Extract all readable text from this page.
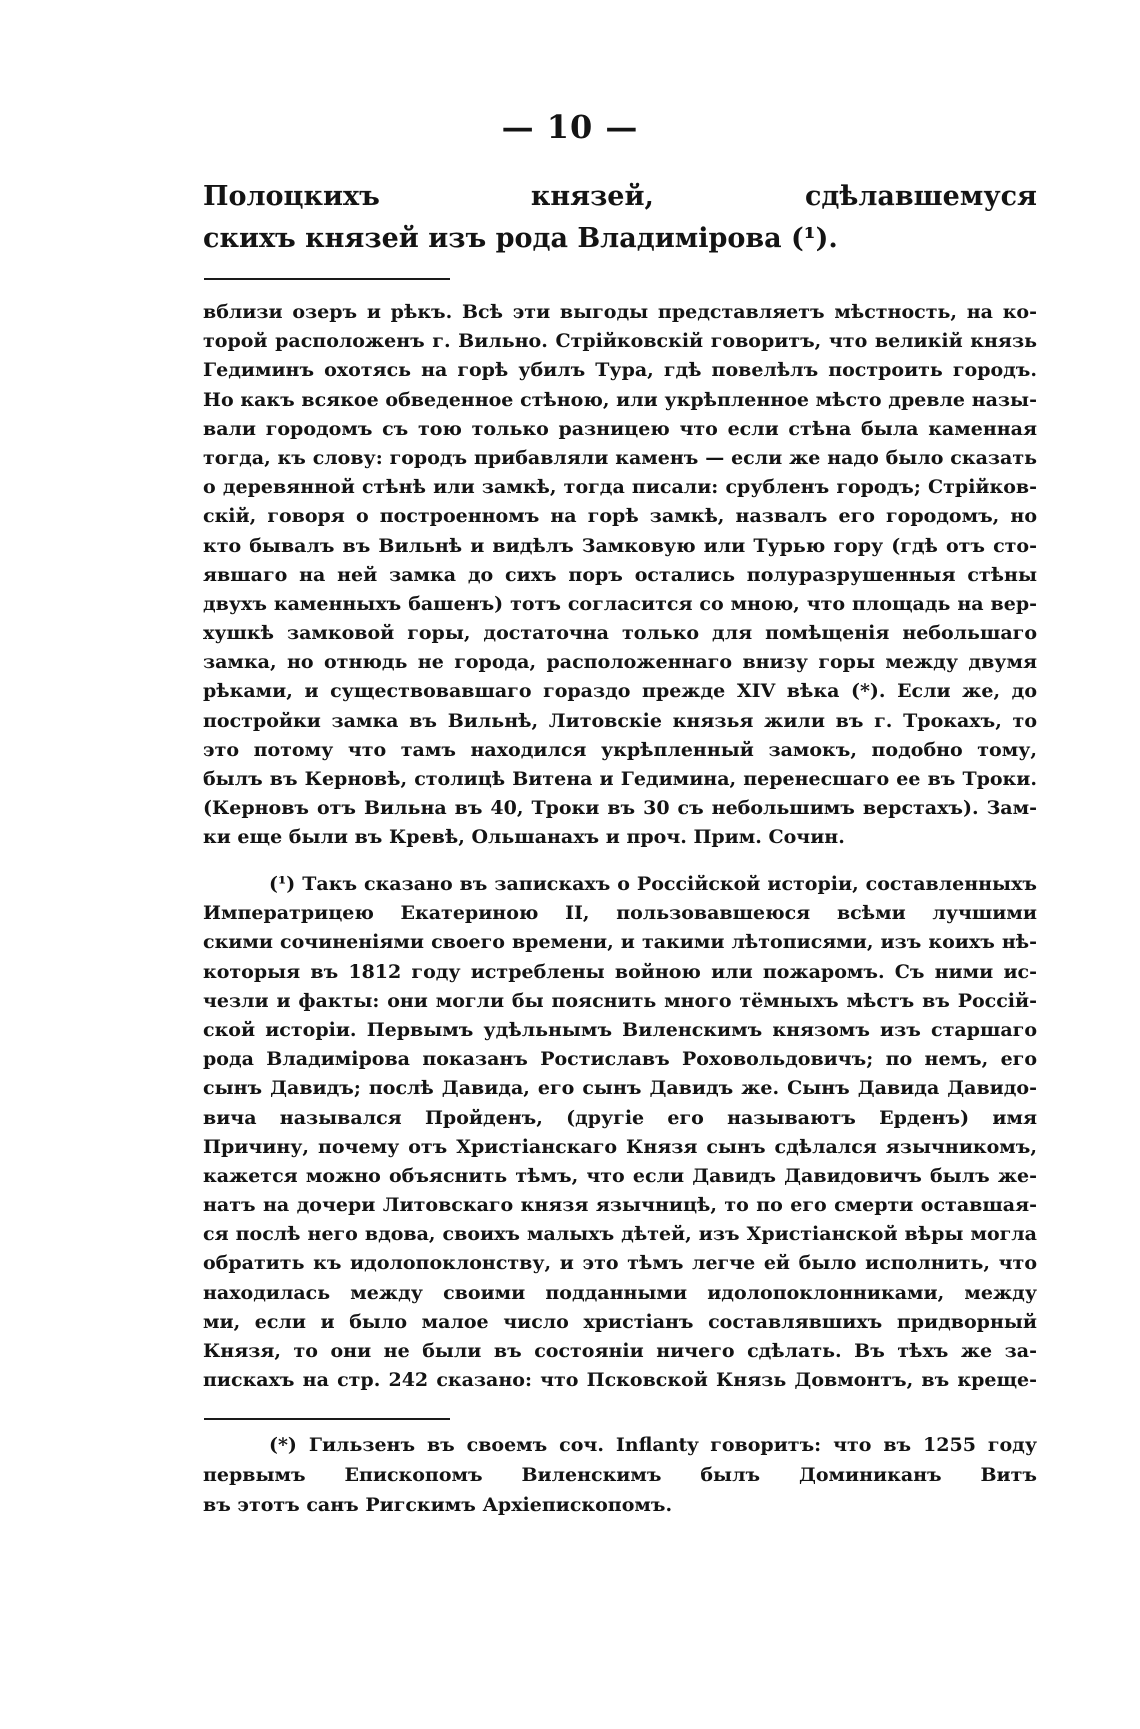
— 10 —
Полоцкихъ князей, сдѣлавшемуся
скихъ князей изъ рода Владимірова (¹).
вблизи озеръ и рѣкъ. Всѣ эти выгоды представляетъ мѣстность, на ко-
торой расположенъ г. Вильно. Стрійковскій говоритъ, что великій князь
Гедиминъ охотясь на горѣ убилъ Тура, гдѣ повелѣлъ построить городъ.
Но какъ всякое обведенное стѣною, или укрѣпленное мѣсто древле назы-
вали городомъ съ тою только разницею что если стѣна была каменная
тогда, къ слову: городъ прибавляли каменъ — если же надо было сказать
о деревянной стѣнѣ или замкѣ, тогда писали: срубленъ городъ; Стрійков-
скій, говоря о построенномъ на горѣ замкѣ, назвалъ его городомъ, но
кто бывалъ въ Вильнѣ и видѣлъ Замковую или Турью гору (гдѣ отъ сто-
явшаго на ней замка до сихъ поръ остались полуразрушенныя стѣны
двухъ каменныхъ башенъ) тотъ согласится со мною, что площадь на вер-
хушкѣ замковой горы, достаточна только для помѣщенія небольшаго
замка, но отнюдь не города, расположеннаго внизу горы между двумя
рѣками, и существовавшаго гораздо прежде XIV вѣка (*). Если же, до
постройки замка въ Вильнѣ, Литовскіе князья жили въ г. Трокахъ, то
это потому что тамъ находился укрѣпленный замокъ, подобно тому,
былъ въ Керновѣ, столицѣ Витена и Гедимина, перенесшаго ее въ Троки.
(Керновъ отъ Вильна въ 40, Троки въ 30 съ небольшимъ верстахъ). Зам-
ки еще были въ Кревѣ, Ольшанахъ и проч. Прим. Сочин.
(¹) Такъ сказано въ запискахъ о Россійской исторіи, составленныхъ
Императрицею Екатериною II, пользовавшеюся всѣми лучшими
скими сочиненіями своего времени, и такими лѣтописями, изъ коихъ нѣ-
которыя въ 1812 году истреблены войною или пожаромъ. Съ ними ис-
чезли и факты: они могли бы пояснить много тёмныхъ мѣстъ въ Россій-
ской исторіи. Первымъ удѣльнымъ Виленскимъ князомъ изъ старшаго
рода Владимірова показанъ Ростиславъ Роховольдовичъ; по немъ, его
сынъ Давидъ; послѣ Давида, его сынъ Давидъ же. Сынъ Давида Давидо-
вича назывался Пройденъ, (другіе его называютъ Ерденъ) имя
Причину, почему отъ Христіанскаго Князя сынъ сдѣлался язычникомъ,
кажется можно объяснить тѣмъ, что если Давидъ Давидовичъ былъ же-
натъ на дочери Литовскаго князя язычницѣ, то по его смерти оставшая-
ся послѣ него вдова, своихъ малыхъ дѣтей, изъ Христіанской вѣры могла
обратить къ идолопоклонству, и это тѣмъ легче ей было исполнить, что
находилась между своими подданными идолопоклонниками, между
ми, если и было малое число христіанъ составлявшихъ придворный
Князя, то они не были въ состояніи ничего сдѣлать. Въ тѣхъ же за-
пискахъ на стр. 242 сказано: что Псковской Князь Довмонтъ, въ креще-
(*) Гильзенъ въ своемъ соч. Inflanty говоритъ: что въ 1255 году
первымъ Епископомъ Виленскимъ былъ Доминиканъ Витъ
въ этотъ санъ Ригскимъ Архіепископомъ.
